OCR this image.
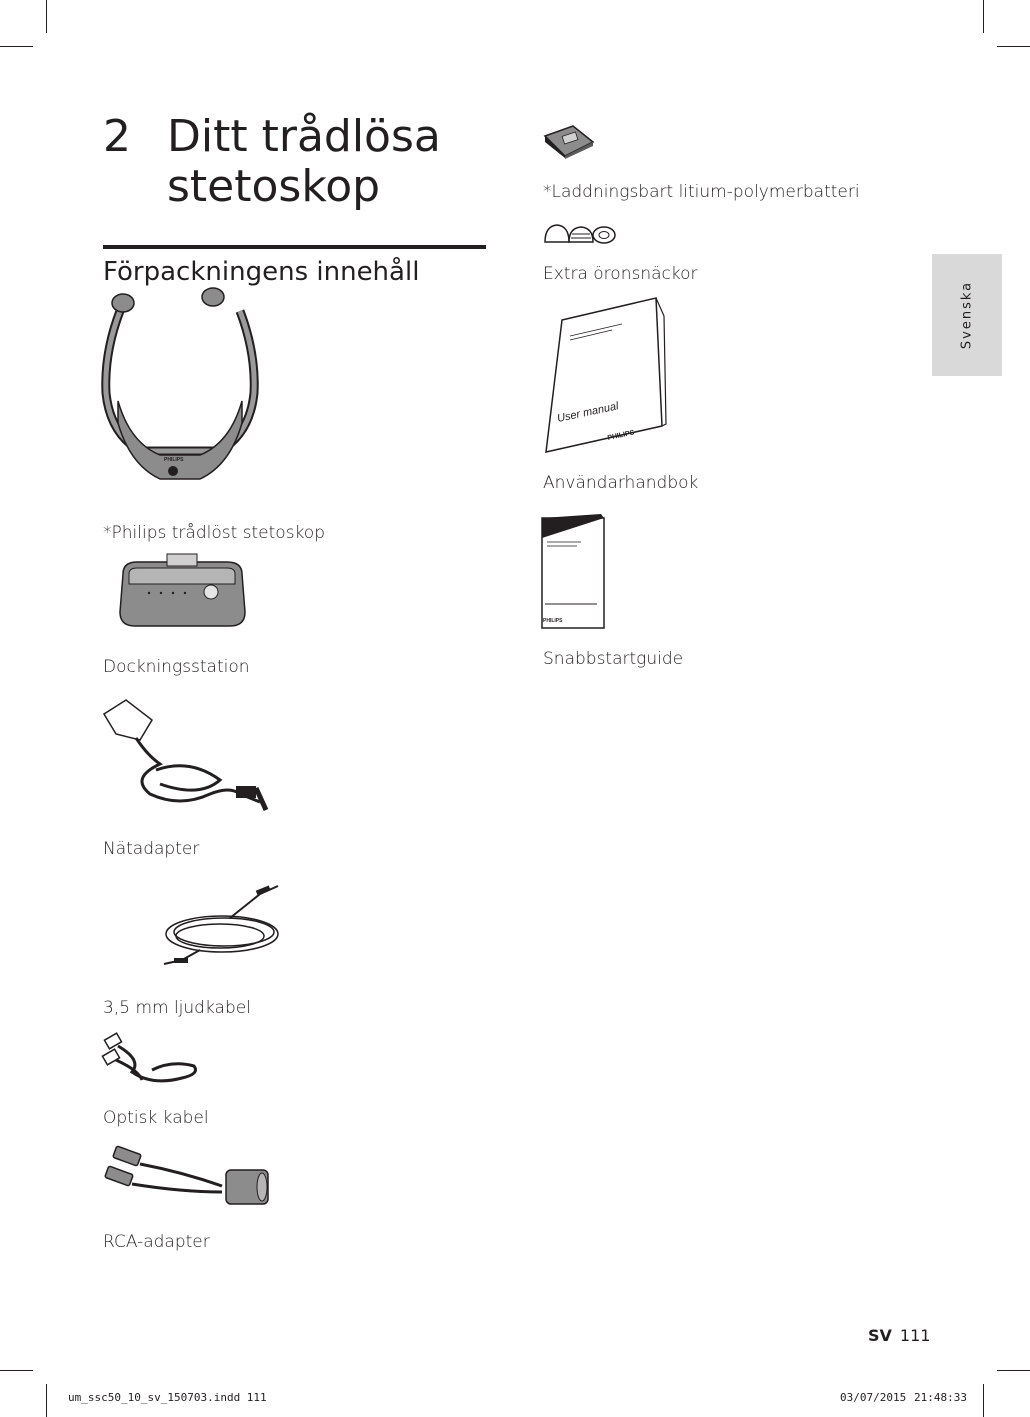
2 Ditt trådlösa
stetoskop
Förpackningens innehåll
Svenska
PHILIPS
*Philips trådlöst stetoskop
Dockningsstation
Nätadapter
3,5 mm ljudkabel
Optisk kabel
RCA-adapter
*Laddningsbart litium-polymerbatteri
Extra öronsnäckor
User manual
PHILIPS
Användarhandbok
PHILIPS
Snabbstartguide
SV 111
um_ssc50_10_sv_150703.indd 111	03/07/2015 21:48:33
